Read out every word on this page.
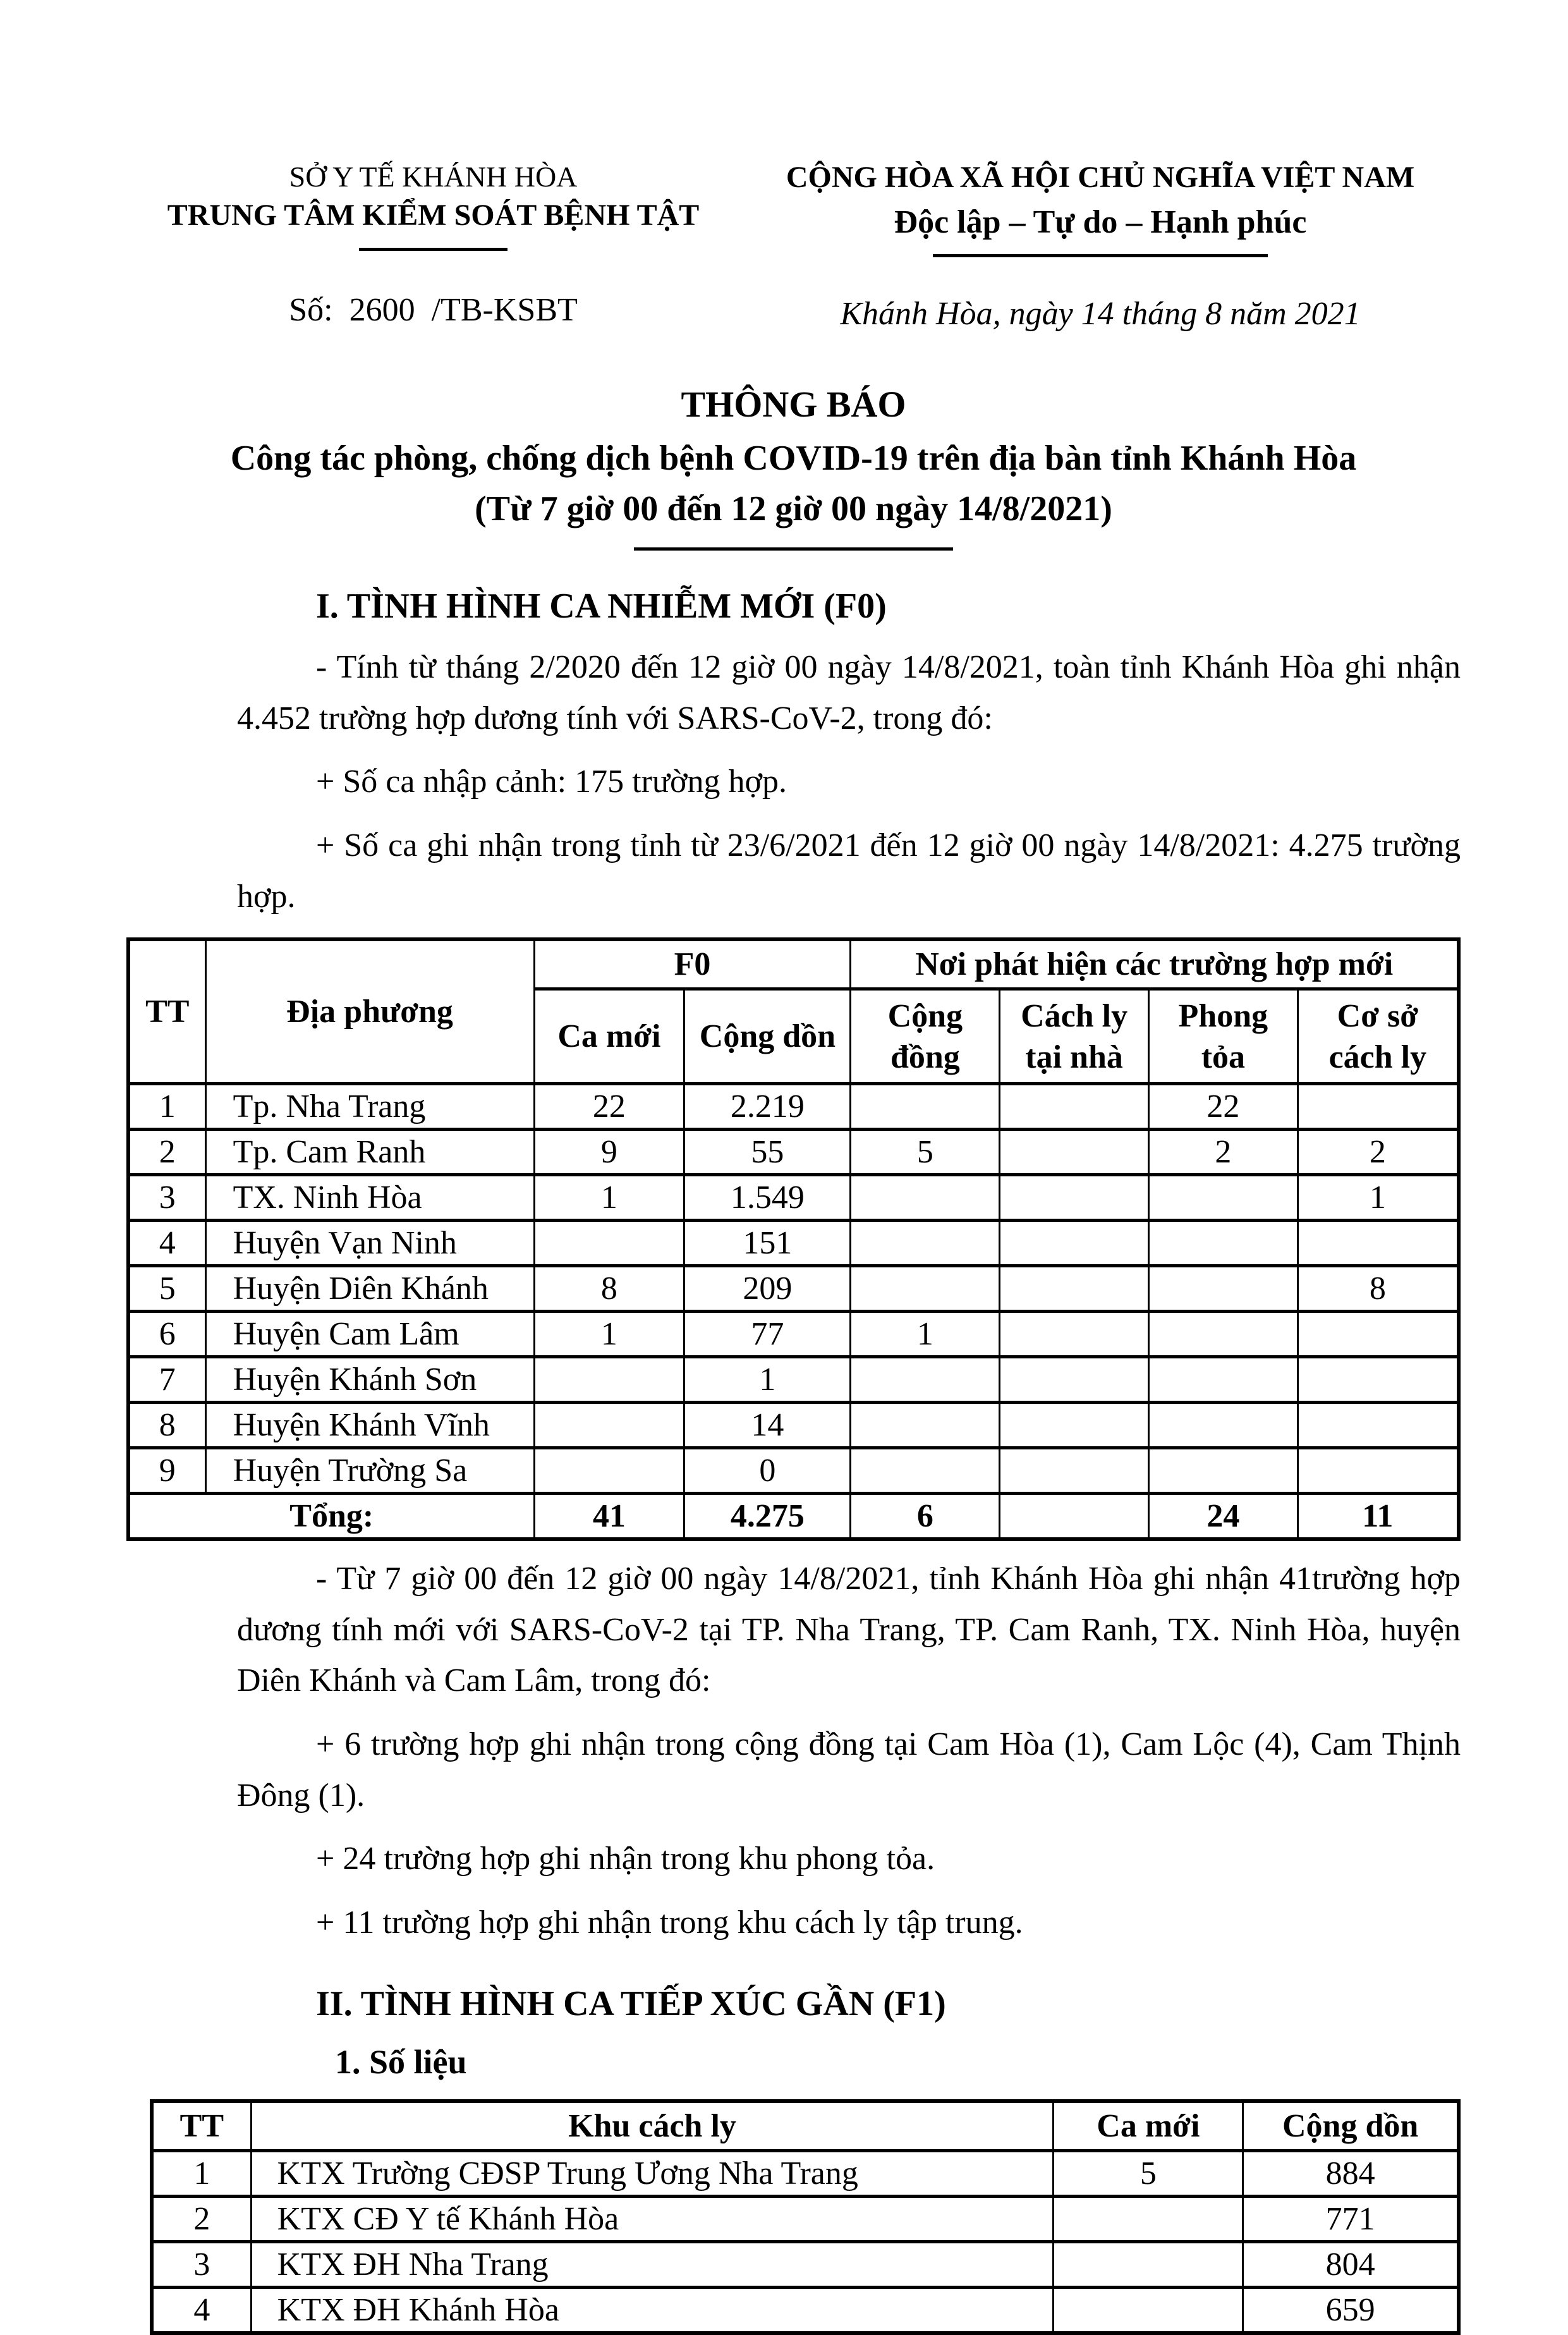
SỞ Y TẾ KHÁNH HÒA
TRUNG TÂM KIỂM SOÁT BỆNH TẬT
Số:  2600  /TB-KSBT
CỘNG HÒA XÃ HỘI CHỦ NGHĨA VIỆT NAM
Độc lập – Tự do – Hạnh phúc
Khánh Hòa, ngày 14 tháng 8 năm 2021
THÔNG BÁO
Công tác phòng, chống dịch bệnh COVID-19 trên địa bàn tỉnh Khánh Hòa
(Từ 7 giờ 00 đến 12 giờ 00 ngày 14/8/2021)
I. TÌNH HÌNH CA NHIỄM MỚI (F0)

- Tính từ tháng 2/2020 đến 12 giờ 00 ngày 14/8/2021, toàn tỉnh Khánh Hòa ghi nhận 4.452 trường hợp dương tính với SARS-CoV-2, trong đó:

+ Số ca nhập cảnh: 175 trường hợp.

+ Số ca ghi nhận trong tỉnh từ 23/6/2021 đến 12 giờ 00 ngày 14/8/2021: 4.275 trường hợp.

TT	Địa phương	F0		Nơi phát hiện các trường hợp mới			
		Ca mới	Cộng dồn	Cộng đồng	Cách ly tại nhà	Phong tỏa	Cơ sở cách ly
1	Tp. Nha Trang	22	2.219			22	
2	Tp. Cam Ranh	9	55	5		2	2
3	TX. Ninh Hòa	1	1.549				1
4	Huyện Vạn Ninh		151				
5	Huyện Diên Khánh	8	209				8
6	Huyện Cam Lâm	1	77	1			
7	Huyện Khánh Sơn		1				
8	Huyện Khánh Vĩnh		14				
9	Huyện Trường Sa		0				
Tổng:		41	4.275	6		24	11

- Từ 7 giờ 00 đến 12 giờ 00 ngày 14/8/2021, tỉnh Khánh Hòa ghi nhận 41trường hợp dương tính mới với SARS-CoV-2 tại TP. Nha Trang, TP. Cam Ranh, TX. Ninh Hòa, huyện Diên Khánh và Cam Lâm, trong đó:

+ 6 trường hợp ghi nhận trong cộng đồng tại Cam Hòa (1), Cam Lộc (4), Cam Thịnh Đông (1).

+ 24 trường hợp ghi nhận trong khu phong tỏa.

+ 11 trường hợp ghi nhận trong khu cách ly tập trung.

II. TÌNH HÌNH CA TIẾP XÚC GẦN (F1)
1. Số liệu
TT	Khu cách ly	Ca mới	Cộng dồn
1	KTX Trường CĐSP Trung Ương Nha Trang	5	884
2	KTX CĐ Y tế Khánh Hòa		771
3	KTX ĐH Nha Trang		804
4	KTX ĐH Khánh Hòa		659
